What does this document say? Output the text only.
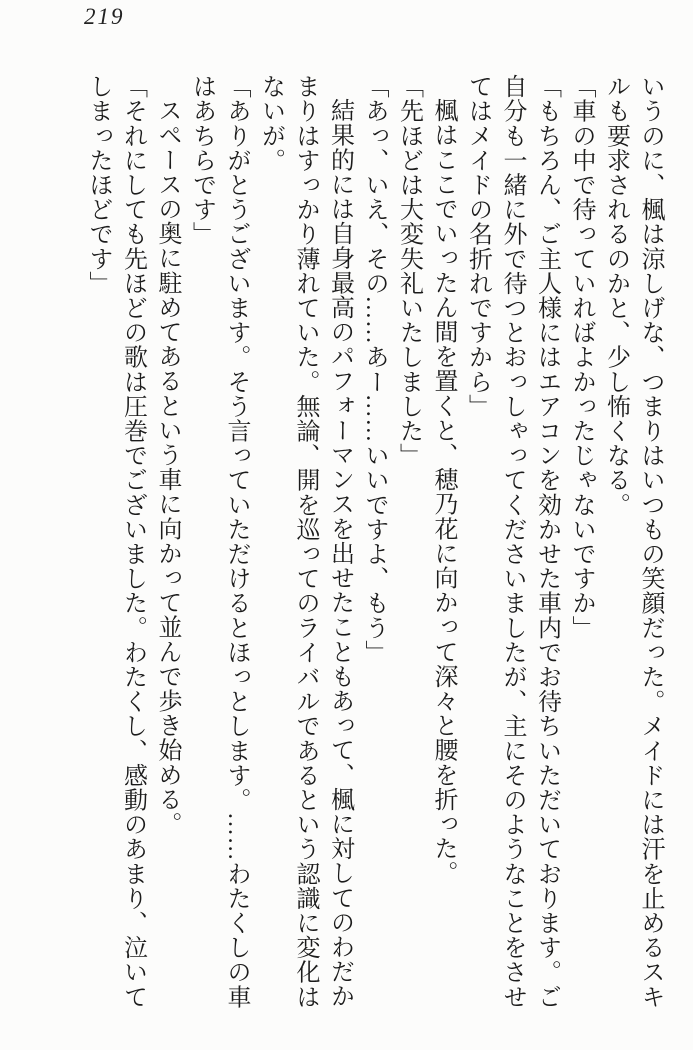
219

いうのに、楓は涼しげな、つまりはいつもの笑顔だった。メイドには汗を止めるスキ

ルも要求されるのかと、少し怖くなる。

「車の中で待っていればよかったじゃないですか」

「もちろん、ご主人様にはエアコンを効かせた車内でお待ちいただいております。ご

自分も一緒に外で待つとおっしゃってくださいましたが、主にそのようなことをさせ

てはメイドの名折れですから」

楓はここでいったん間を置くと、穂乃花に向かって深々と腰を折った。

「先ほどは大変失礼いたしました」

「あっ、いえ、その……あー……いいですよ、もう」

結果的には自身最高のパフォーマンスを出せたこともあって、楓に対してのわだか

まりはすっかり薄れていた。無論、開を巡ってのライバルであるという認識に変化は

ないが。

「ありがとうございます。そう言っていただけるとほっとします。……わたくしの車

はあちらです」

スペースの奥に駐めてあるという車に向かって並んで歩き始める。

「それにしても先ほどの歌は圧巻でございました。わたくし、感動のあまり、泣いて

しまったほどです」
